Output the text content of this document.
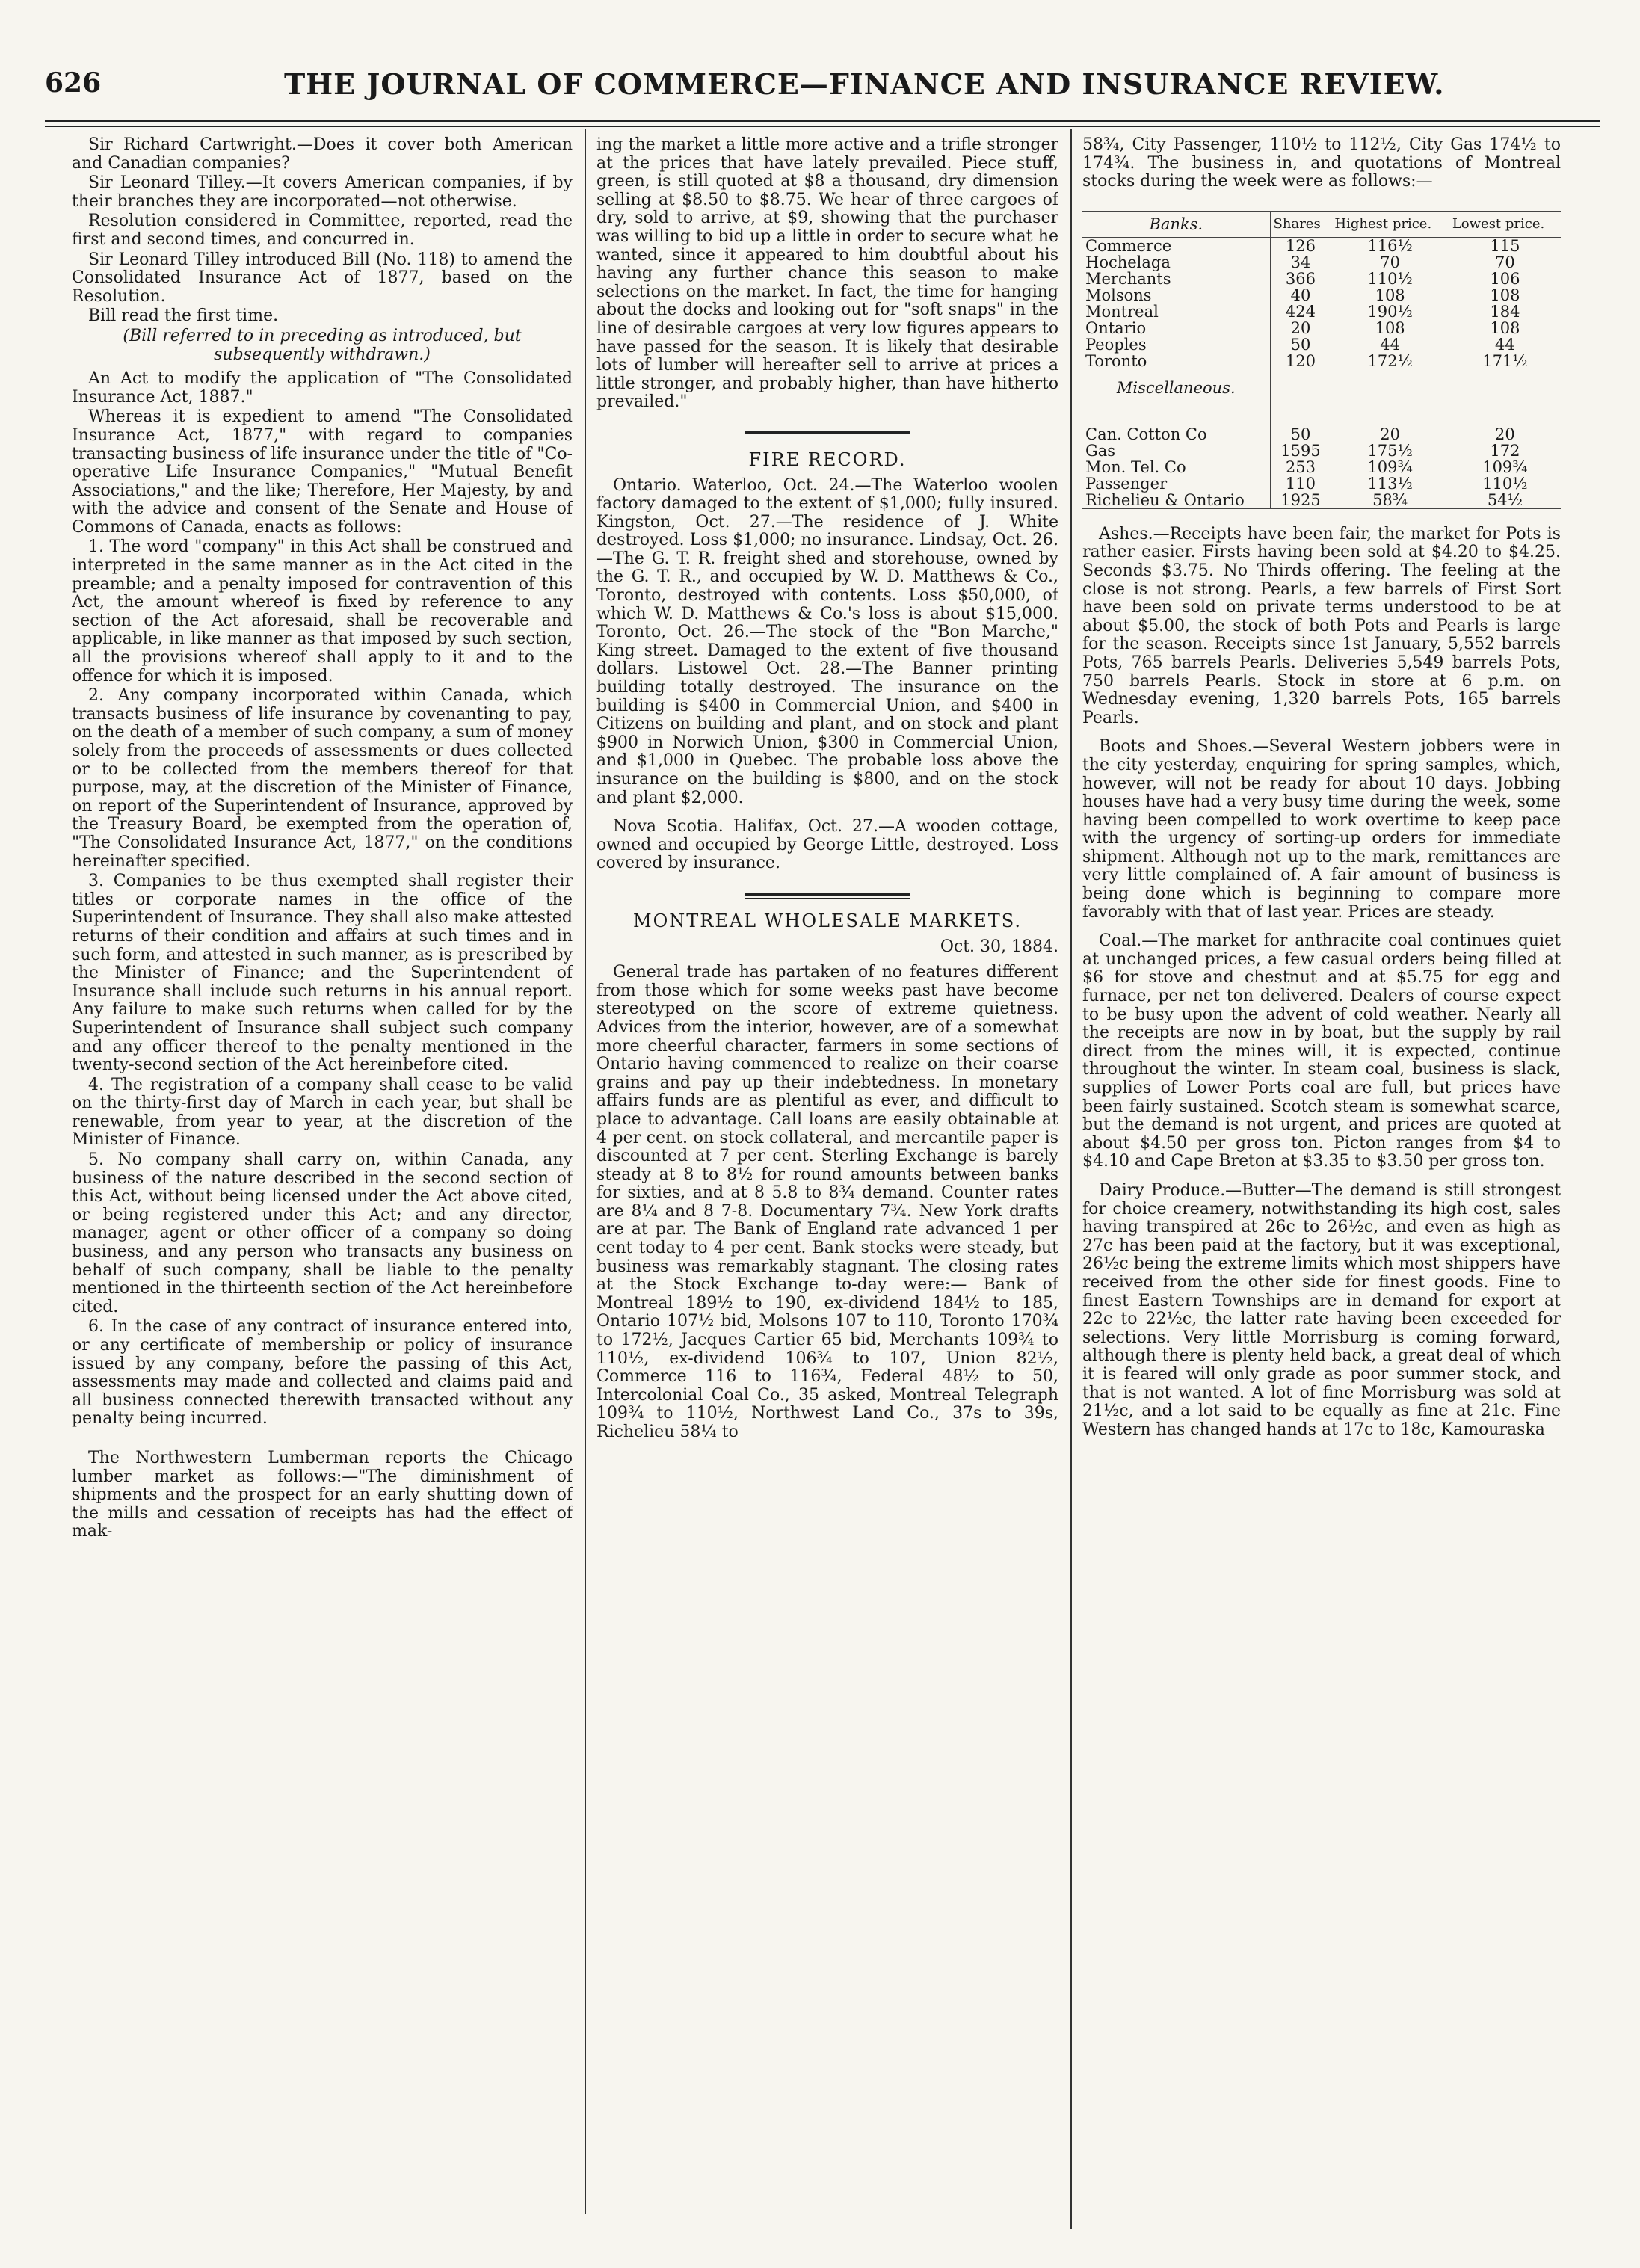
626	THE JOURNAL OF COMMERCE—FINANCE AND INSURANCE REVIEW.

Sir Richard Cartwright.—Does it cover both American and Canadian companies?

Sir Leonard Tilley.—It covers American companies, if by their branches they are incorporated—not otherwise.

Resolution considered in Committee, reported, read the first and second times, and concurred in.

Sir Leonard Tilley introduced Bill (No. 118) to amend the Consolidated Insurance Act of 1877, based on the Resolution.

Bill read the first time.

(Bill referred to in preceding as introduced, but subsequently withdrawn.)

An Act to modify the application of "The Consolidated Insurance Act, 1887."

Whereas it is expedient to amend "The Consolidated Insurance Act, 1877," with regard to companies transacting business of life insurance under the title of "Co-operative Life Insurance Companies," "Mutual Benefit Associations," and the like; Therefore, Her Majesty, by and with the advice and consent of the Senate and House of Commons of Canada, enacts as follows:

1. The word "company" in this Act shall be construed and interpreted in the same manner as in the Act cited in the preamble; and a penalty imposed for contravention of this Act, the amount whereof is fixed by reference to any section of the Act aforesaid, shall be recoverable and applicable, in like manner as that imposed by such section, all the provisions whereof shall apply to it and to the offence for which it is imposed.

2. Any company incorporated within Canada, which transacts business of life insurance by covenanting to pay, on the death of a member of such company, a sum of money solely from the proceeds of assessments or dues collected or to be collected from the members thereof for that purpose, may, at the discretion of the Minister of Finance, on report of the Superintendent of Insurance, approved by the Treasury Board, be exempted from the operation of, "The Consolidated Insurance Act, 1877," on the conditions hereinafter specified.

3. Companies to be thus exempted shall register their titles or corporate names in the office of the Superintendent of Insurance. They shall also make attested returns of their condition and affairs at such times and in such form, and attested in such manner, as is prescribed by the Minister of Finance; and the Superintendent of Insurance shall include such returns in his annual report. Any failure to make such returns when called for by the Superintendent of Insurance shall subject such company and any officer thereof to the penalty mentioned in the twenty-second section of the Act hereinbefore cited.

4. The registration of a company shall cease to be valid on the thirty-first day of March in each year, but shall be renewable, from year to year, at the discretion of the Minister of Finance.

5. No company shall carry on, within Canada, any business of the nature described in the second section of this Act, without being licensed under the Act above cited, or being registered under this Act; and any director, manager, agent or other officer of a company so doing business, and any person who transacts any business on behalf of such company, shall be liable to the penalty mentioned in the thirteenth section of the Act hereinbefore cited.

6. In the case of any contract of insurance entered into, or any certificate of membership or policy of insurance issued by any company, before the passing of this Act, assessments may made and collected and claims paid and all business connected therewith transacted without any penalty being incurred.

The Northwestern Lumberman reports the Chicago lumber market as follows:—"The diminishment of shipments and the prospect for an early shutting down of the mills and cessation of receipts has had the effect of mak-

ing the market a little more active and a trifle stronger at the prices that have lately prevailed. Piece stuff, green, is still quoted at $8 a thousand, dry dimension selling at $8.50 to $8.75. We hear of three cargoes of dry, sold to arrive, at $9, showing that the purchaser was willing to bid up a little in order to secure what he wanted, since it appeared to him doubtful about his having any further chance this season to make selections on the market. In fact, the time for hanging about the docks and looking out for "soft snaps" in the line of desirable cargoes at very low figures appears to have passed for the season. It is likely that desirable lots of lumber will hereafter sell to arrive at prices a little stronger, and probably higher, than have hitherto prevailed."

FIRE RECORD.

Ontario. Waterloo, Oct. 24.—The Waterloo woolen factory damaged to the extent of $1,000; fully insured. Kingston, Oct. 27.—The residence of J. White destroyed. Loss $1,000; no insurance. Lindsay, Oct. 26.—The G. T. R. freight shed and storehouse, owned by the G. T. R., and occupied by W. D. Matthews & Co., Toronto, destroyed with contents. Loss $50,000, of which W. D. Matthews & Co.'s loss is about $15,000. Toronto, Oct. 26.—The stock of the "Bon Marche," King street. Damaged to the extent of five thousand dollars. Listowel Oct. 28.—The Banner printing building totally destroyed. The insurance on the building is $400 in Commercial Union, and $400 in Citizens on building and plant, and on stock and plant $900 in Norwich Union, $300 in Commercial Union, and $1,000 in Quebec. The probable loss above the insurance on the building is $800, and on the stock and plant $2,000.

Nova Scotia. Halifax, Oct. 27.—A wooden cottage, owned and occupied by George Little, destroyed. Loss covered by insurance.

MONTREAL WHOLESALE MARKETS.

Oct. 30, 1884.

General trade has partaken of no features different from those which for some weeks past have become stereotyped on the score of extreme quietness. Advices from the interior, however, are of a somewhat more cheerful character, farmers in some sections of Ontario having commenced to realize on their coarse grains and pay up their indebtedness. In monetary affairs funds are as plentiful as ever, and difficult to place to advantage. Call loans are easily obtainable at 4 per cent. on stock collateral, and mercantile paper is discounted at 7 per cent. Sterling Exchange is barely steady at 8 to 8½ for round amounts between banks for sixties, and at 8 5.8 to 8¾ demand. Counter rates are 8¼ and 8 7-8. Documentary 7¾. New York drafts are at par. The Bank of England rate advanced 1 per cent today to 4 per cent. Bank stocks were steady, but business was remarkably stagnant. The closing rates at the Stock Exchange to-day were:— Bank of Montreal 189½ to 190, ex-dividend 184½ to 185, Ontario 107½ bid, Molsons 107 to 110, Toronto 170¾ to 172½, Jacques Cartier 65 bid, Merchants 109¾ to 110½, ex-dividend 106¾ to 107, Union 82½, Commerce 116 to 116¾, Federal 48½ to 50, Intercolonial Coal Co., 35 asked, Montreal Telegraph 109¾ to 110½, Northwest Land Co., 37s to 39s, Richelieu 58¼ to

58¾, City Passenger, 110½ to 112½, City Gas 174½ to 174¾. The business in, and quotations of Montreal stocks during the week were as follows:—

Banks.	Shares	Highest price.	Lowest price.
Commerce	126	116½	115
Hochelaga	34	70	70
Merchants	366	110½	106
Molsons	40	108	108
Montreal	424	190½	184
Ontario	20	108	108
Peoples	50	44	44
Toronto	120	172½	171½
Miscellaneous.			
Can. Cotton Co	50	20	20
Gas	1595	175½	172
Mon. Tel. Co	253	109¾	109¾
Passenger	110	113½	110½
Richelieu & Ontario	1925	58¾	54½

Ashes.—Receipts have been fair, the market for Pots is rather easier. Firsts having been sold at $4.20 to $4.25. Seconds $3.75. No Thirds offering. The feeling at the close is not strong. Pearls, a few barrels of First Sort have been sold on private terms understood to be at about $5.00, the stock of both Pots and Pearls is large for the season. Receipts since 1st January, 5,552 barrels Pots, 765 barrels Pearls. Deliveries 5,549 barrels Pots, 750 barrels Pearls. Stock in store at 6 p.m. on Wednesday evening, 1,320 barrels Pots, 165 barrels Pearls.

Boots and Shoes.—Several Western jobbers were in the city yesterday, enquiring for spring samples, which, however, will not be ready for about 10 days. Jobbing houses have had a very busy time during the week, some having been compelled to work overtime to keep pace with the urgency of sorting-up orders for immediate shipment. Although not up to the mark, remittances are very little complained of. A fair amount of business is being done which is beginning to compare more favorably with that of last year. Prices are steady.

Coal.—The market for anthracite coal continues quiet at unchanged prices, a few casual orders being filled at $6 for stove and chestnut and at $5.75 for egg and furnace, per net ton delivered. Dealers of course expect to be busy upon the advent of cold weather. Nearly all the receipts are now in by boat, but the supply by rail direct from the mines will, it is expected, continue throughout the winter. In steam coal, business is slack, supplies of Lower Ports coal are full, but prices have been fairly sustained. Scotch steam is somewhat scarce, but the demand is not urgent, and prices are quoted at about $4.50 per gross ton. Picton ranges from $4 to $4.10 and Cape Breton at $3.35 to $3.50 per gross ton.

Dairy Produce.—Butter—The demand is still strongest for choice creamery, notwithstanding its high cost, sales having transpired at 26c to 26½c, and even as high as 27c has been paid at the factory, but it was exceptional, 26½c being the extreme limits which most shippers have received from the other side for finest goods. Fine to finest Eastern Townships are in demand for export at 22c to 22½c, the latter rate having been exceeded for selections. Very little Morrisburg is coming forward, although there is plenty held back, a great deal of which it is feared will only grade as poor summer stock, and that is not wanted. A lot of fine Morrisburg was sold at 21½c, and a lot said to be equally as fine at 21c. Fine Western has changed hands at 17c to 18c, Kamouraska
